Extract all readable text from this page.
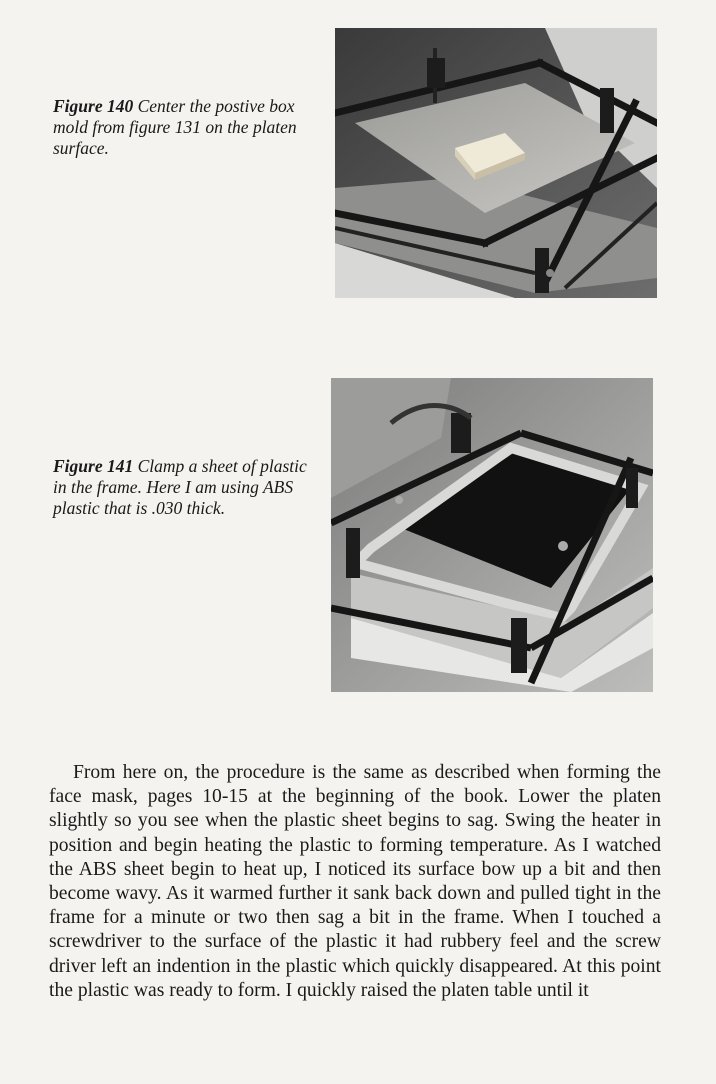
Figure 140 Center the postive box mold from figure 131 on the platen surface.
Figure 141 Clamp a sheet of plastic in the frame. Here I am using ABS plastic that is .030 thick.
From here on, the procedure is the same as described when forming the face mask, pages 10-15 at the beginning of the book. Lower the platen slightly so you see when the plastic sheet begins to sag. Swing the heater in position and begin heating the plastic to forming temperature. As I watched the ABS sheet begin to heat up, I noticed its surface bow up a bit and then become wavy. As it warmed further it sank back down and pulled tight in the frame for a minute or two then sag a bit in the frame. When I touched a screwdriver to the surface of the plastic it had rubbery feel and the screw driver left an indention in the plastic which quickly disappeared. At this point the plastic was ready to form. I quickly raised the platen table until it
